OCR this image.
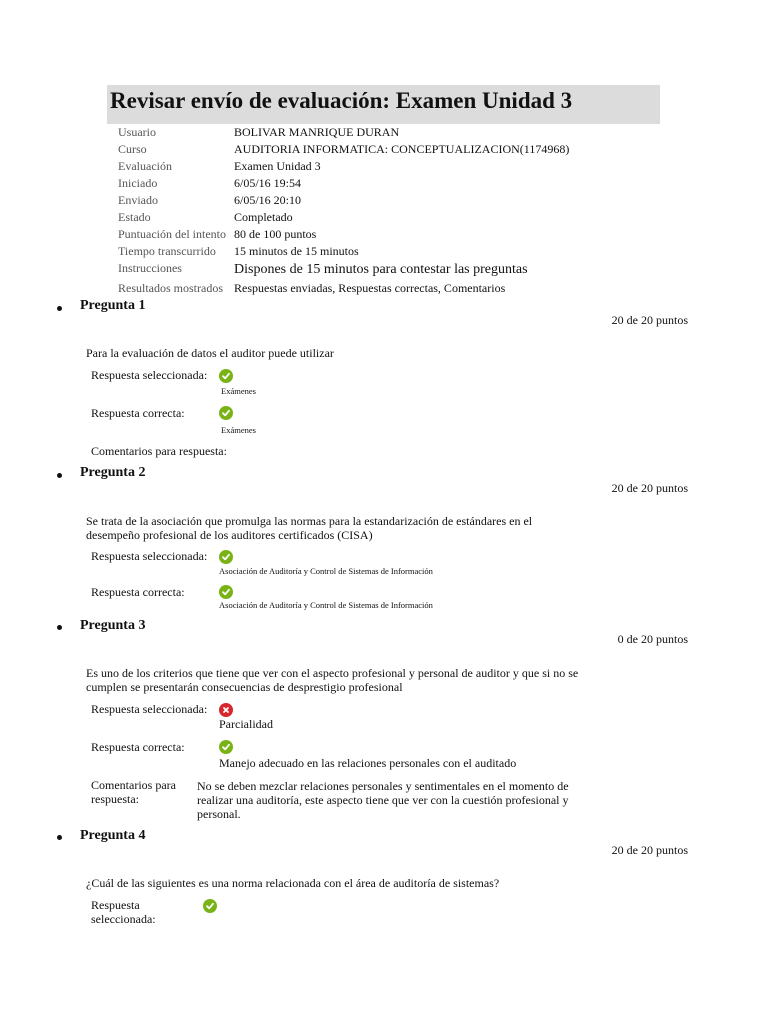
Revisar envío de evaluación: Examen Unidad 3
Usuario	BOLIVAR MANRIQUE DURAN
Curso	AUDITORIA INFORMATICA: CONCEPTUALIZACION(1174968)
Evaluación	Examen Unidad 3
Iniciado	6/05/16 19:54
Enviado	6/05/16 20:10
Estado	Completado
Puntuación del intento 80 de 100 puntos
Tiempo transcurrido 15 minutos de 15 minutos
Instrucciones	Dispones de 15 minutos para contestar las preguntas
Resultados mostrados Respuestas enviadas, Respuestas correctas, Comentarios
Pregunta 1
20 de 20 puntos
Para la evaluación de datos el auditor puede utilizar
Respuesta seleccionada:
Exámenes
Respuesta correcta:
Exámenes
Comentarios para respuesta:
Pregunta 2
20 de 20 puntos
Se trata de la asociación que promulga las normas para la estandarización de estándares en el desempeño profesional de los auditores certificados (CISA)
Respuesta seleccionada:
Asociación de Auditoría y Control de Sistemas de Información
Respuesta correcta:
Asociación de Auditoría y Control de Sistemas de Información
Pregunta 3
0 de 20 puntos
Es uno de los criterios que tiene que ver con el aspecto profesional y personal de auditor y que si no se cumplen se presentarán consecuencias de desprestigio profesional
Respuesta seleccionada:
Parcialidad
Respuesta correcta:
Manejo adecuado en las relaciones personales con el auditado
Comentarios para respuesta:
No se deben mezclar relaciones personales y sentimentales en el momento de realizar una auditoría, este aspecto tiene que ver con la cuestión profesional y personal.
Pregunta 4
20 de 20 puntos
¿Cuál de las siguientes es una norma relacionada con el área de auditoría de sistemas?
Respuesta seleccionada:
